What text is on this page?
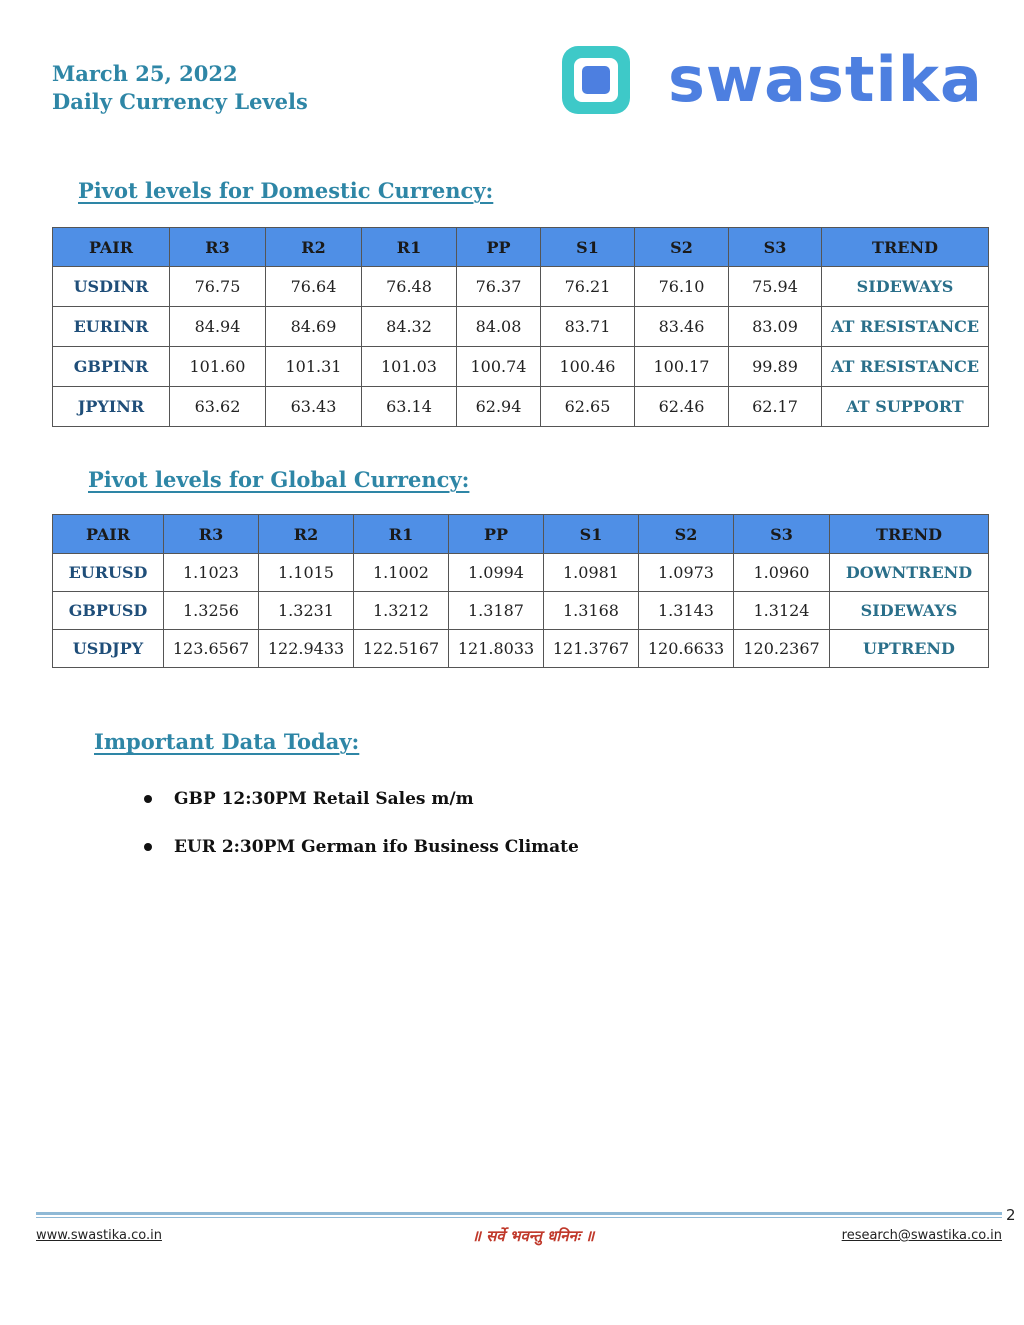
March 25, 2022
Daily Currency Levels	swastika
Pivot levels for Domestic Currency:
PAIR	R3	R2	R1	PP	S1	S2	S3	TREND
USDINR	76.75	76.64	76.48	76.37	76.21	76.10	75.94	SIDEWAYS
EURINR	84.94	84.69	84.32	84.08	83.71	83.46	83.09	AT RESISTANCE
GBPINR	101.60	101.31	101.03	100.74	100.46	100.17	99.89	AT RESISTANCE
JPYINR	63.62	63.43	63.14	62.94	62.65	62.46	62.17	AT SUPPORT
Pivot levels for Global Currency:
PAIR	R3	R2	R1	PP	S1	S2	S3	TREND
EURUSD	1.1023	1.1015	1.1002	1.0994	1.0981	1.0973	1.0960	DOWNTREND
GBPUSD	1.3256	1.3231	1.3212	1.3187	1.3168	1.3143	1.3124	SIDEWAYS
USDJPY	123.6567	122.9433	122.5167	121.8033	121.3767	120.6633	120.2367	UPTREND
Important Data Today:
GBP 12:30PM Retail Sales m/m
EUR 2:30PM German ifo Business Climate
2
www.swastika.co.in	॥ सर्वे भवन्तु धनिनः ॥	research@swastika.co.in
